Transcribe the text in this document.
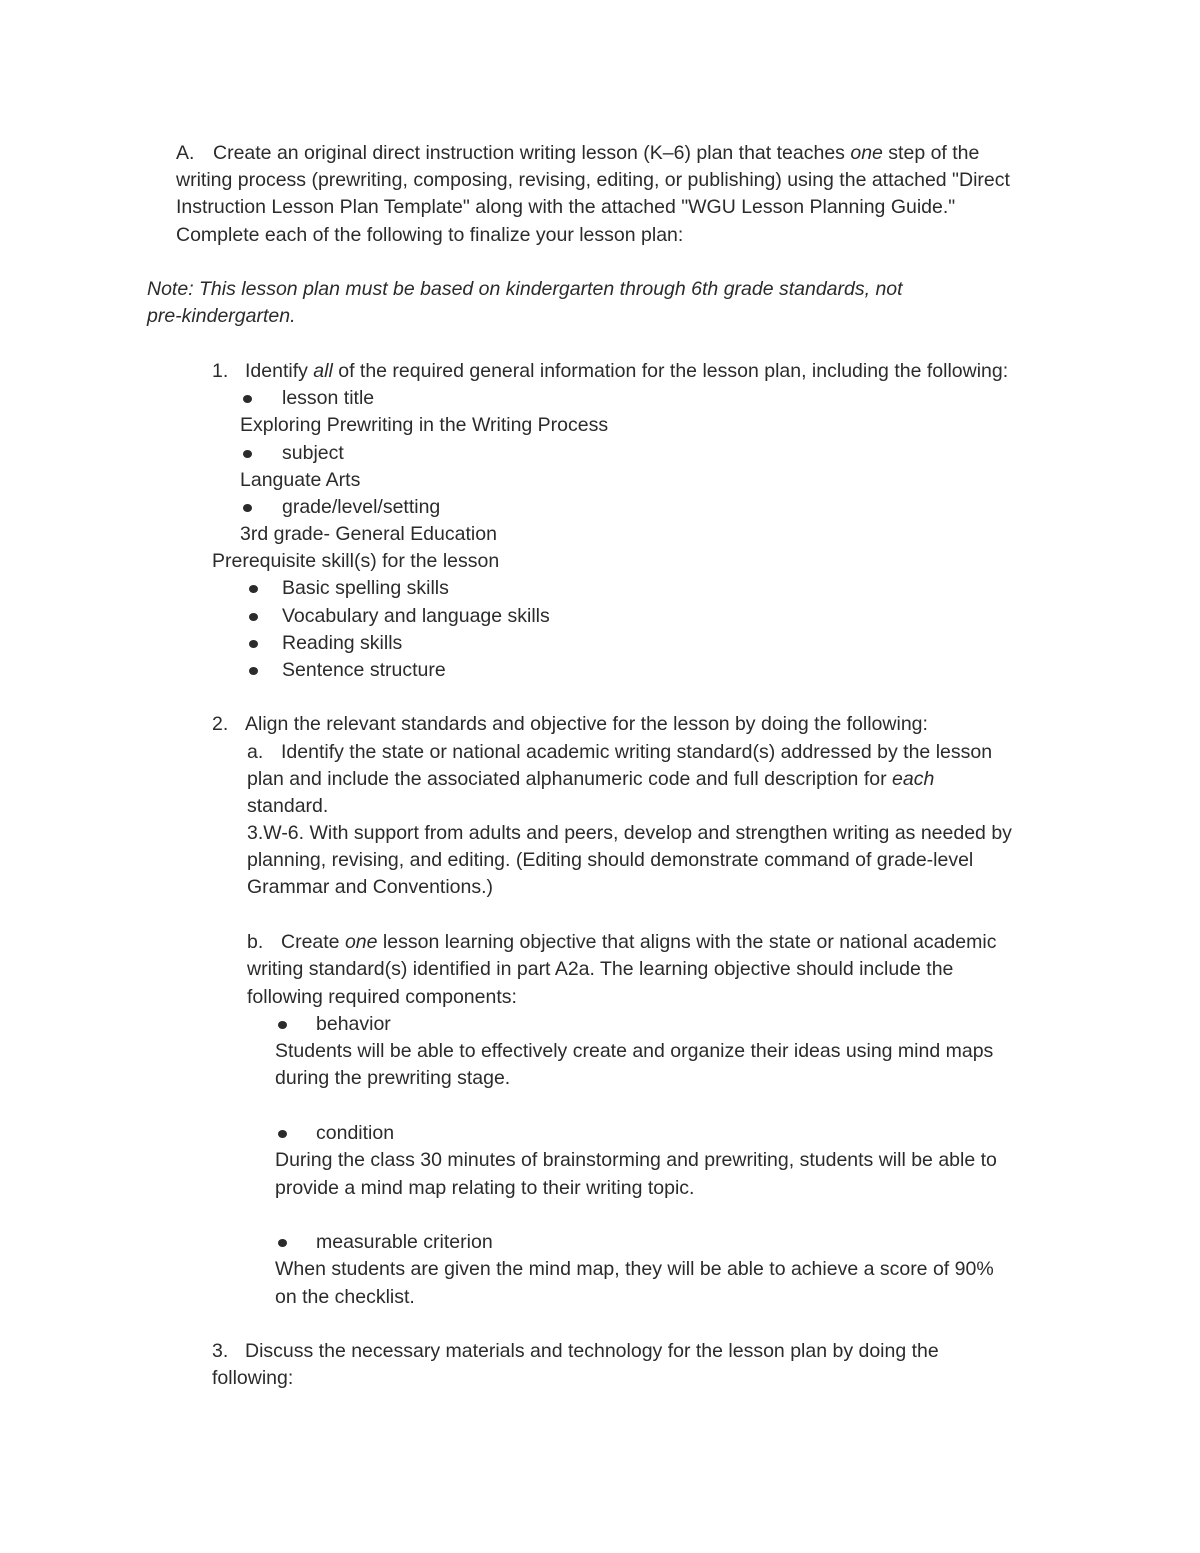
A. Create an original direct instruction writing lesson (K–6) plan that teaches one step of the

writing process (prewriting, composing, revising, editing, or publishing) using the attached "Direct

Instruction Lesson Plan Template" along with the attached "WGU Lesson Planning Guide."

Complete each of the following to finalize your lesson plan:

Note: This lesson plan must be based on kindergarten through 6th grade standards, not

pre-kindergarten.

1. Identify all of the required general information for the lesson plan, including the following:

lesson title

Exploring Prewriting in the Writing Process

subject

Languate Arts

grade/level/setting

3rd grade- General Education

Prerequisite skill(s) for the lesson

Basic spelling skills

Vocabulary and language skills

Reading skills

Sentence structure

2. Align the relevant standards and objective for the lesson by doing the following:

a. Identify the state or national academic writing standard(s) addressed by the lesson

plan and include the associated alphanumeric code and full description for each

standard.

3.W-6. With support from adults and peers, develop and strengthen writing as needed by

planning, revising, and editing. (Editing should demonstrate command of grade-level

Grammar and Conventions.)

b. Create one lesson learning objective that aligns with the state or national academic

writing standard(s) identified in part A2a. The learning objective should include the

following required components:

behavior

Students will be able to effectively create and organize their ideas using mind maps

during the prewriting stage.

condition

During the class 30 minutes of brainstorming and prewriting, students will be able to

provide a mind map relating to their writing topic.

measurable criterion

When students are given the mind map, they will be able to achieve a score of 90%

on the checklist.

3. Discuss the necessary materials and technology for the lesson plan by doing the

following:
